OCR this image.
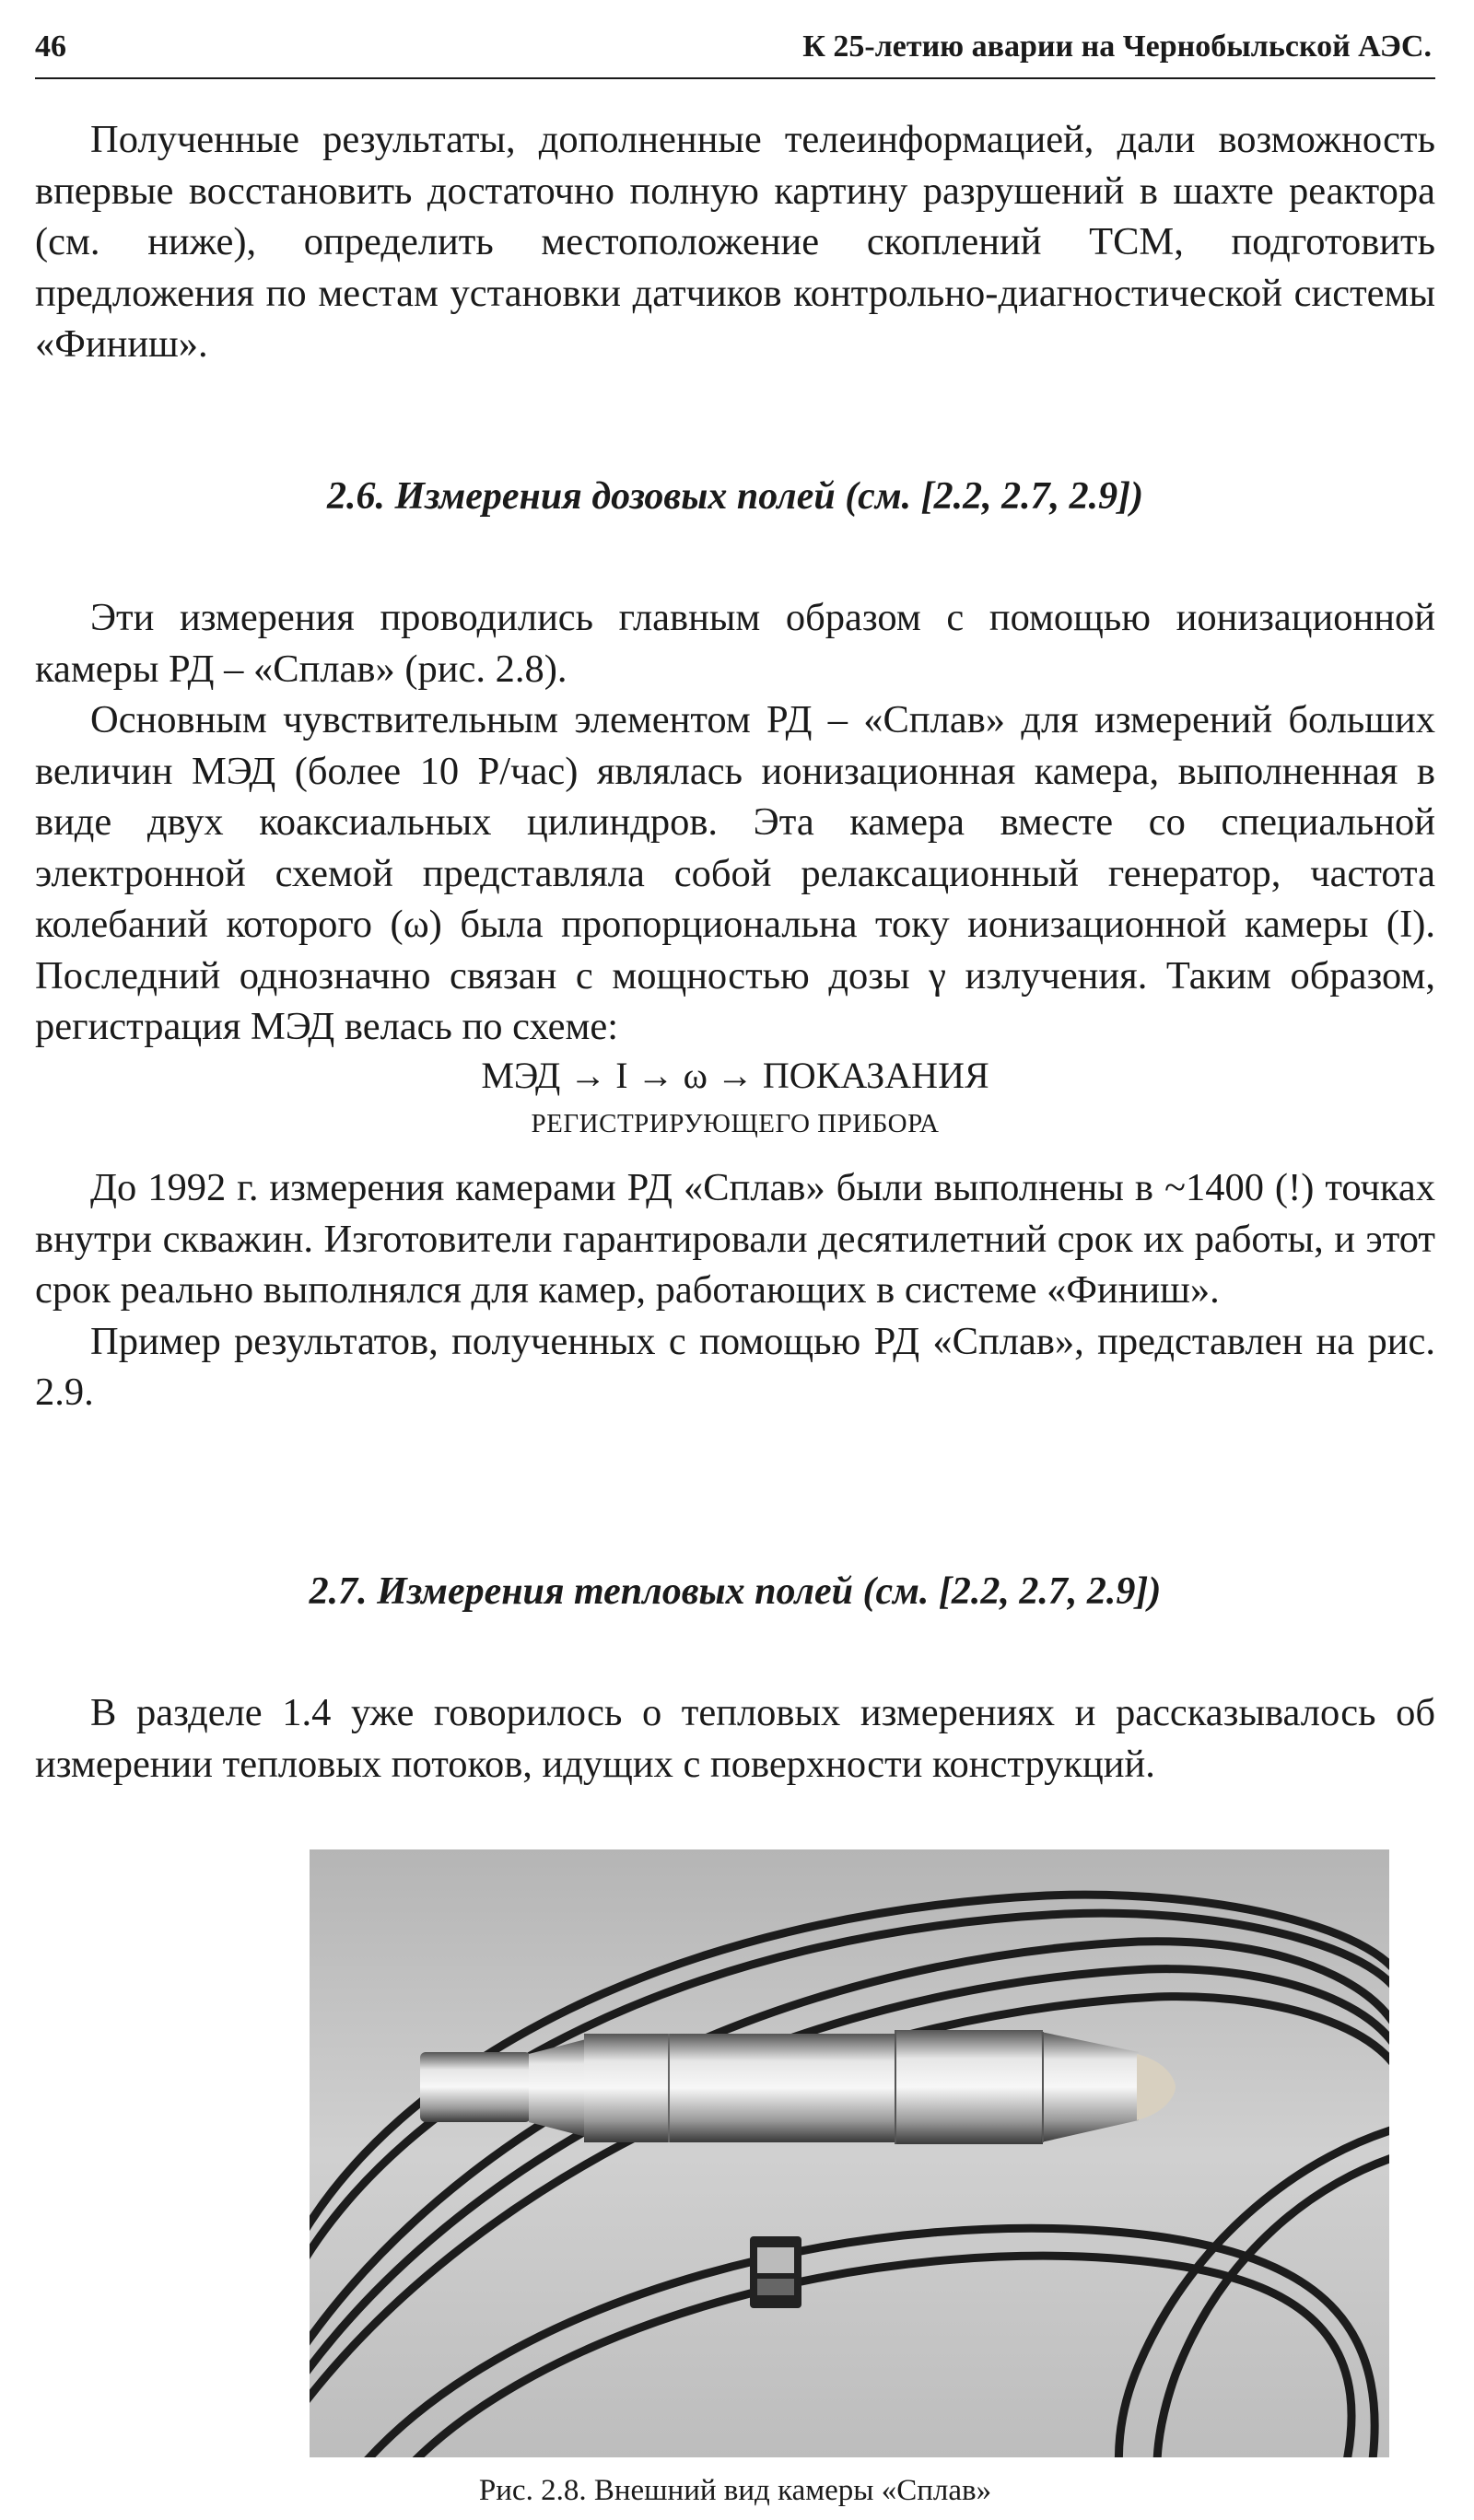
46	К 25-летию аварии на Чернобыльской АЭС.

Полученные результаты, дополненные телеинформацией, дали возможность впервые восстановить достаточно полную картину разрушений в шахте реактора (см. ниже), определить местоположение скоплений ТСМ, подготовить предложения по местам установки датчиков контрольно-диагностической системы «Финиш».

2.6. Измерения дозовых полей (см. [2.2, 2.7, 2.9])

Эти измерения проводились главным образом с помощью ионизационной камеры РД – «Сплав» (рис. 2.8).

Основным чувствительным элементом РД – «Сплав» для измерений больших величин МЭД (более 10 Р/час) являлась ионизационная камера, выполненная в виде двух коаксиальных цилиндров. Эта камера вместе со специальной электронной схемой представляла собой релаксационный генератор, частота колебаний которого (ω) была пропорциональна току ионизационной камеры (I). Последний однозначно связан с мощностью дозы γ излучения. Таким образом, регистрация МЭД велась по схеме:

МЭД → I → ω → ПОКАЗАНИЯ
РЕГИСТРИРУЮЩЕГО ПРИБОРА

До 1992 г. измерения камерами РД «Сплав» были выполнены в ~1400 (!) точках внутри скважин. Изготовители гарантировали десятилетний срок их работы, и этот срок реально выполнялся для камер, работающих в системе «Финиш».

Пример результатов, полученных с помощью РД «Сплав», представлен на рис. 2.9.

2.7. Измерения тепловых полей (см. [2.2, 2.7, 2.9])

В разделе 1.4 уже говорилось о тепловых измерениях и рассказывалось об измерении тепловых потоков, идущих с поверхности конструкций.

Рис. 2.8. Внешний вид камеры «Сплав»
